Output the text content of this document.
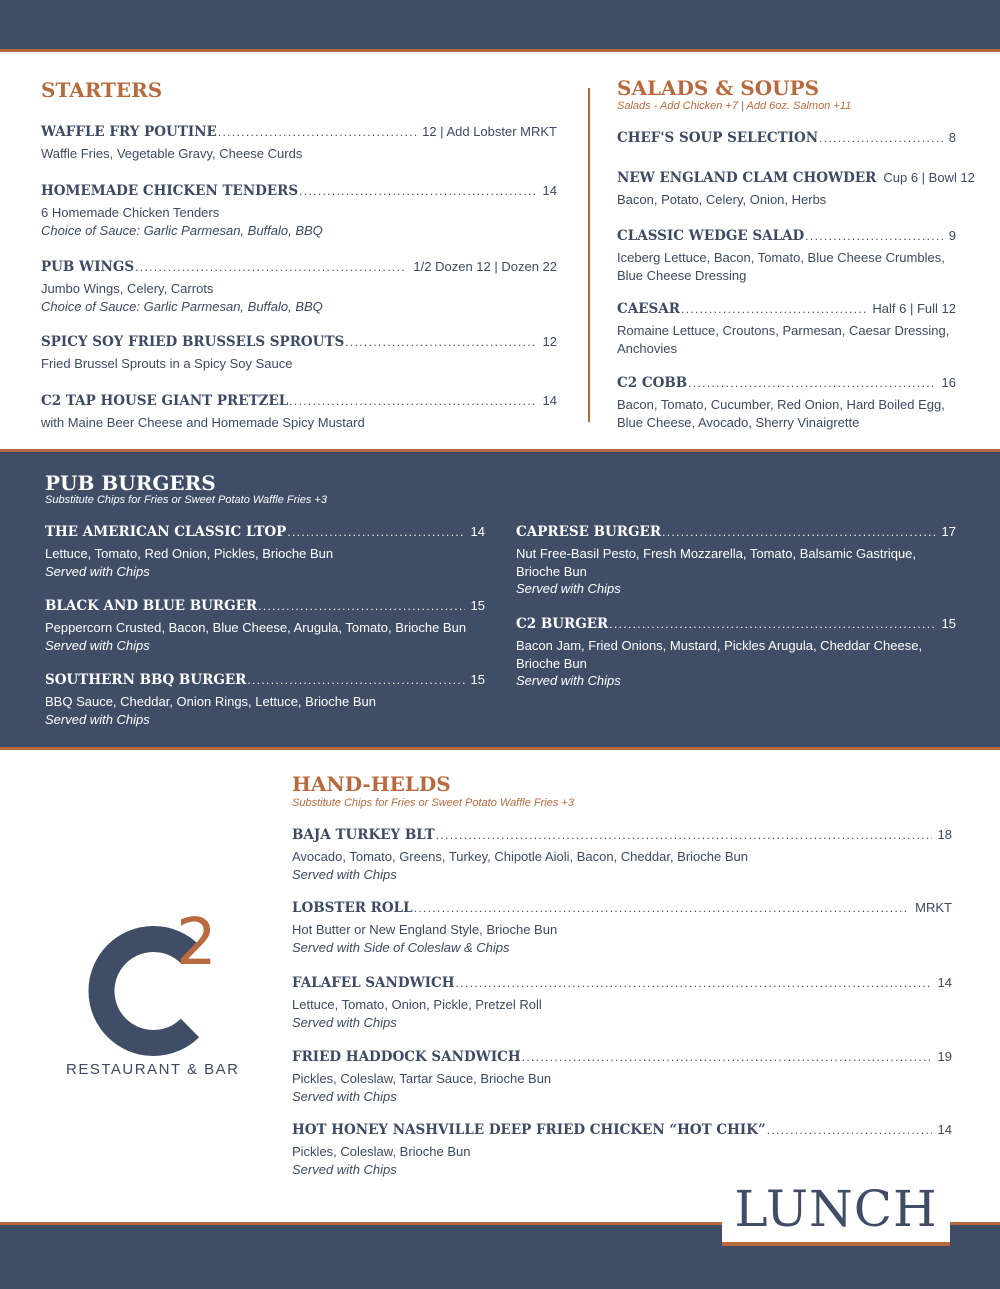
STARTERS
WAFFLE FRY POUTINE . . .	12 | Add Lobster MRKT
Waffle Fries, Vegetable Gravy, Cheese Curds
HOMEMADE CHICKEN TENDERS . . .	14
6 Homemade Chicken Tenders
Choice of Sauce: Garlic Parmesan, Buffalo, BBQ
PUB WINGS . . .	1/2 Dozen 12 | Dozen 22
Jumbo Wings, Celery, Carrots
Choice of Sauce: Garlic Parmesan, Buffalo, BBQ
SPICY SOY FRIED BRUSSELS SPROUTS . . .	12
Fried Brussel Sprouts in a Spicy Soy Sauce
C2 TAP HOUSE GIANT PRETZEL . . .	14
with Maine Beer Cheese and Homemade Spicy Mustard
SALADS & SOUPS
Salads - Add Chicken +7 | Add 6oz. Salmon +11
CHEF'S SOUP SELECTION . . .	8
NEW ENGLAND CLAM CHOWDER Cup 6 | Bowl 12
Bacon, Potato, Celery, Onion, Herbs
CLASSIC WEDGE SALAD . . .	9
Iceberg Lettuce, Bacon, Tomato, Blue Cheese Crumbles, Blue Cheese Dressing
CAESAR . . .	Half 6 | Full 12
Romaine Lettuce, Croutons, Parmesan, Caesar Dressing, Anchovies
C2 COBB . . .	16
Bacon, Tomato, Cucumber, Red Onion, Hard Boiled Egg, Blue Cheese, Avocado, Sherry Vinaigrette
PUB BURGERS
Substitute Chips for Fries or Sweet Potato Waffle Fries +3
THE AMERICAN CLASSIC LTOP . . .	14
Lettuce, Tomato, Red Onion, Pickles, Brioche Bun
Served with Chips
BLACK AND BLUE BURGER . . .	15
Peppercorn Crusted, Bacon, Blue Cheese, Arugula, Tomato, Brioche Bun
Served with Chips
SOUTHERN BBQ BURGER . . .	15
BBQ Sauce, Cheddar, Onion Rings, Lettuce, Brioche Bun
Served with Chips
CAPRESE BURGER . . .	17
Nut Free-Basil Pesto, Fresh Mozzarella, Tomato, Balsamic Gastrique, Brioche Bun
Served with Chips
C2 BURGER . . .	15
Bacon Jam, Fried Onions, Mustard, Pickles Arugula, Cheddar Cheese, Brioche Bun
Served with Chips
2
RESTAURANT & BAR
HAND-HELDS
Substitute Chips for Fries or Sweet Potato Waffle Fries +3
BAJA TURKEY BLT . . .	18
Avocado, Tomato, Greens, Turkey, Chipotle Aioli, Bacon, Cheddar, Brioche Bun
Served with Chips
LOBSTER ROLL . . .	MRKT
Hot Butter or New England Style, Brioche Bun
Served with Side of Coleslaw & Chips
FALAFEL SANDWICH . . .	14
Lettuce, Tomato, Onion, Pickle, Pretzel Roll
Served with Chips
FRIED HADDOCK SANDWICH . . .	19
Pickles, Coleslaw, Tartar Sauce, Brioche Bun
Served with Chips
HOT HONEY NASHVILLE DEEP FRIED CHICKEN “HOT CHIK” . . .	14
Pickles, Coleslaw, Brioche Bun
Served with Chips
LUNCH
